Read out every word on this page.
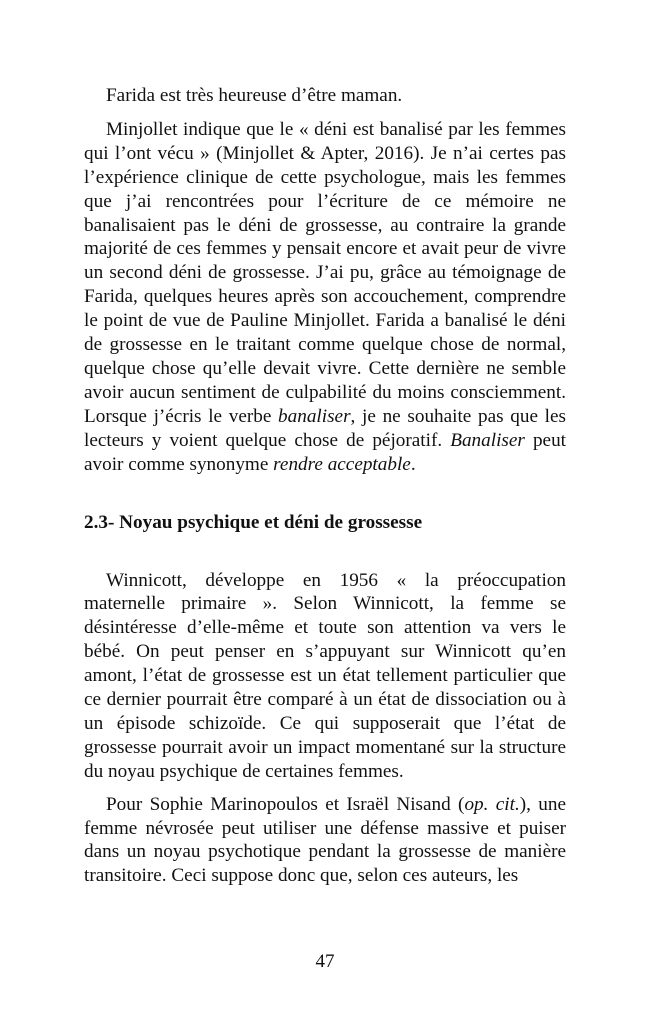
Farida est très heureuse d’être maman.

Minjollet indique que le « déni est banalisé par les femmes qui l’ont vécu » (Minjollet & Apter, 2016). Je n’ai certes pas l’expérience clinique de cette psychologue, mais les femmes que j’ai rencontrées pour l’écriture de ce mémoire ne banalisaient pas le déni de grossesse, au contraire la grande majorité de ces femmes y pensait encore et avait peur de vivre un second déni de grossesse. J’ai pu, grâce au témoignage de Farida, quelques heures après son accouchement, comprendre le point de vue de Pauline Minjollet. Farida a banalisé le déni de grossesse en le traitant comme quelque chose de normal, quelque chose qu’elle devait vivre. Cette dernière ne semble avoir aucun sentiment de culpabilité du moins consciemment. Lorsque j’écris le verbe banaliser, je ne souhaite pas que les lecteurs y voient quelque chose de péjoratif. Banaliser peut avoir comme synonyme rendre acceptable.

2.3- Noyau psychique et déni de grossesse

Winnicott, développe en 1956 « la préoccupation maternelle primaire ». Selon Winnicott, la femme se désintéresse d’elle-même et toute son attention va vers le bébé. On peut penser en s’appuyant sur Winnicott qu’en amont, l’état de grossesse est un état tellement particulier que ce dernier pourrait être comparé à un état de dissociation ou à un épisode schizoïde. Ce qui supposerait que l’état de grossesse pourrait avoir un impact momentané sur la structure du noyau psychique de certaines femmes.

Pour Sophie Marinopoulos et Israël Nisand (op. cit.), une femme névrosée peut utiliser une défense massive et puiser dans un noyau psychotique pendant la grossesse de manière transitoire. Ceci suppose donc que, selon ces auteurs, les

47
